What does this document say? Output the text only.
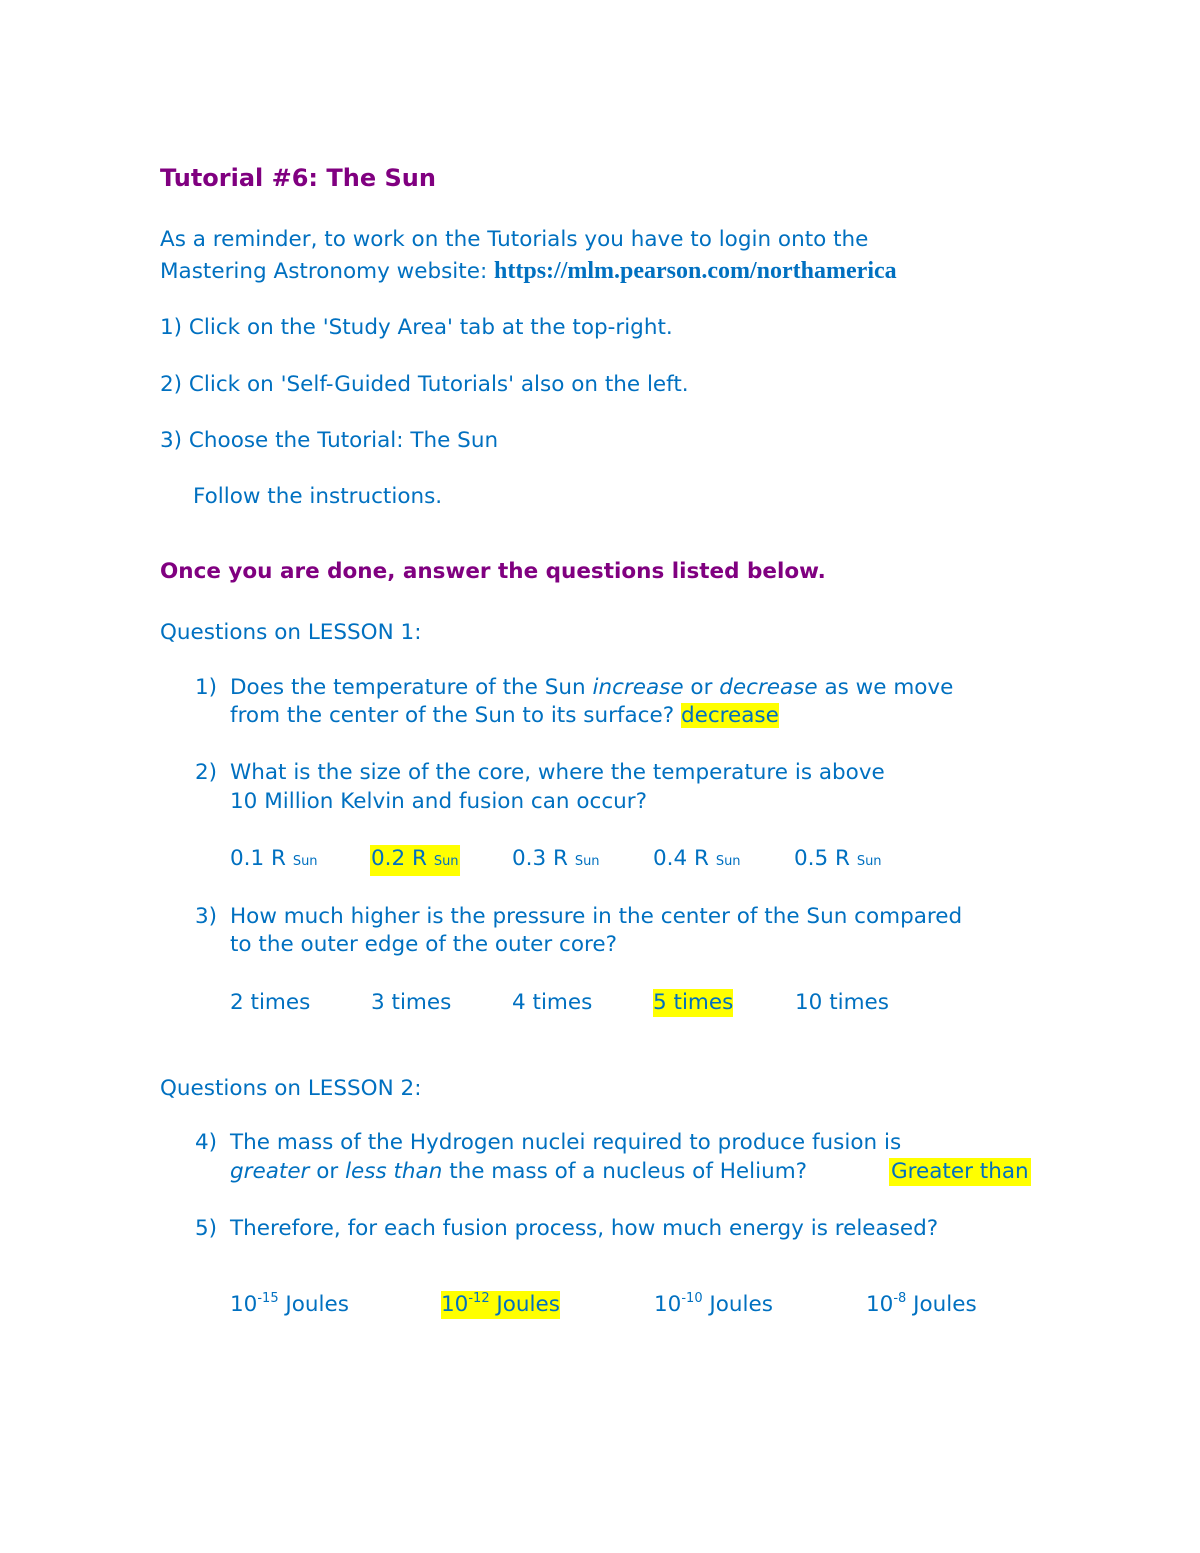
Tutorial #6: The Sun
As a reminder, to work on the Tutorials you have to login onto the
Mastering Astronomy website: https://mlm.pearson.com/northamerica
1) Click on the 'Study Area' tab at the top-right.
2) Click on 'Self-Guided Tutorials' also on the left.
3) Choose the Tutorial: The Sun
Follow the instructions.
Once you are done, answer the questions listed below.
Questions on LESSON 1:
1) Does the temperature of the Sun increase or decrease as we move
from the center of the Sun to its surface? decrease
2) What is the size of the core, where the temperature is above
10 Million Kelvin and fusion can occur?
0.1 R Sun 0.2 R Sun 0.3 R Sun 0.4 R Sun 0.5 R Sun
2 times	3 times	4 times	5 times	10 times
3) How much higher is the pressure in the center of the Sun compared
to the outer edge of the outer core?
Questions on LESSON 2:
4) The mass of the Hydrogen nuclei required to produce fusion is
greater or less than the mass of a nucleus of Helium?	Greater than
5) Therefore, for each fusion process, how much energy is released?
$10^{-15}$ Joules	$10^{-12}$ Joules	$10^{-10}$ Joules	$10^{-8}$ Joules
